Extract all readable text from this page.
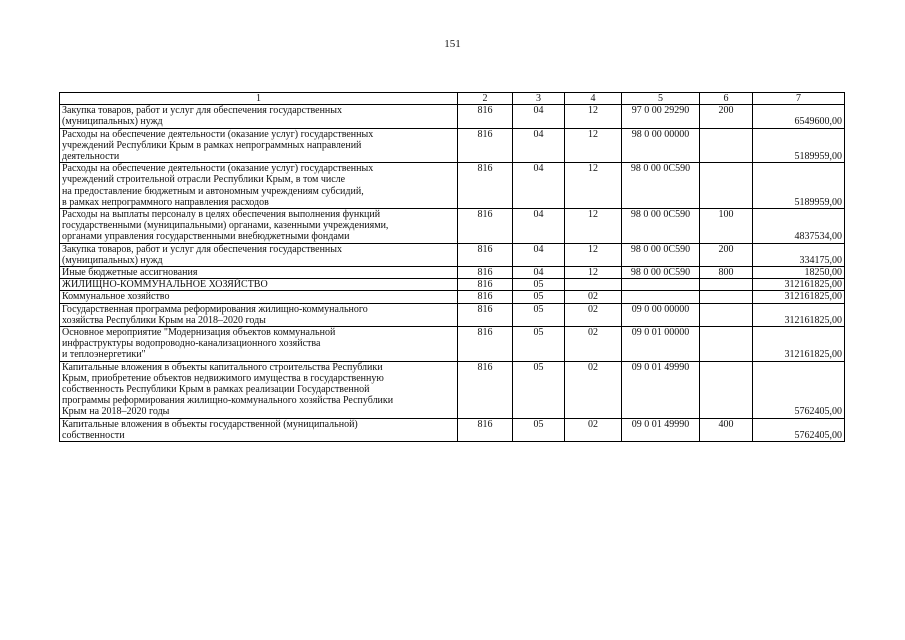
151
1	2	3	4	5	6	7

Закупка товаров, работ и услуг для обеспечения государственных
(муниципальных) нужд	816	04	12	97 0 00 29290	200	6549600,00

Расходы на обеспечение деятельности (оказание услуг) государственных
учреждений Республики Крым в рамках непрограммных направлений
деятельности	816	04	12	98 0 00 00000		5189959,00

Расходы на обеспечение деятельности (оказание услуг) государственных
учреждений строительной отрасли Республики Крым, в том числе
на предоставление бюджетным и автономным учреждениям субсидий,
в рамках непрограммного направления расходов	816	04	12	98 0 00 0С590		5189959,00

Расходы на выплаты персоналу в целях обеспечения выполнения функций
государственными (муниципальными) органами, казенными учреждениями,
органами управления государственными внебюджетными фондами	816	04	12	98 0 00 0С590	100	4837534,00

Закупка товаров, работ и услуг для обеспечения государственных
(муниципальных) нужд	816	04	12	98 0 00 0С590	200	334175,00

Иные бюджетные ассигнования	816	04	12	98 0 00 0С590	800	18250,00

ЖИЛИЩНО-КОММУНАЛЬНОЕ ХОЗЯЙСТВО	816	05				312161825,00

Коммунальное хозяйство	816	05	02			312161825,00

Государственная программа реформирования жилищно-коммунального
хозяйства Республики Крым на 2018–2020 годы	816	05	02	09 0 00 00000		312161825,00

Основное мероприятие "Модернизация объектов коммунальной
инфраструктуры водопроводно-канализационного хозяйства
и теплоэнергетики"	816	05	02	09 0 01 00000		312161825,00

Капитальные вложения в объекты капитального строительства Республики
Крым, приобретение объектов недвижимого имущества в государственную
собственность Республики Крым в рамках реализации Государственной
программы реформирования жилищно-коммунального хозяйства Республики
Крым на 2018–2020 годы	816	05	02	09 0 01 49990		5762405,00

Капитальные вложения в объекты государственной (муниципальной)
собственности	816	05	02	09 0 01 49990	400	5762405,00
